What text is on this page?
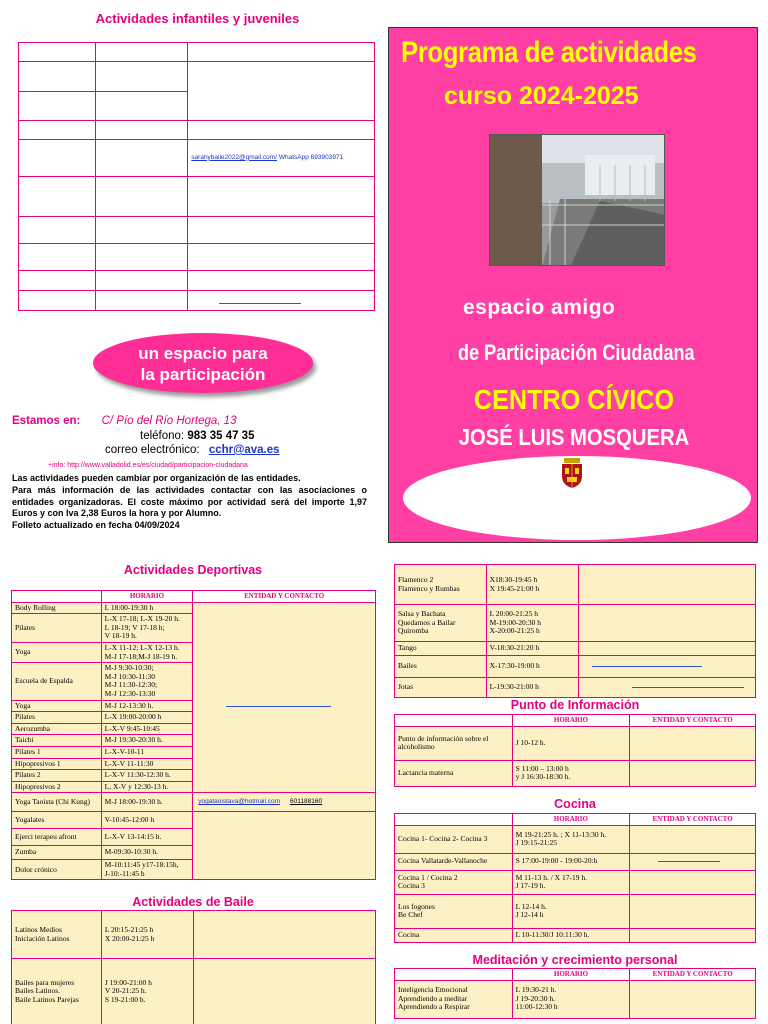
Actividades infantiles y juveniles

		sarahybaile2022@gmail.com/ WhatsApp 693903971

un espacio para
la participación
Estamos en: C/ Pío del Río Hortega, 13
teléfono: 983 35 47 35
correo electrónico: cchr@ava.es
+info: http://www.valladolid.es/es/ciudad/participacion-ciudadana
Las actividades pueden cambiar por organización de las entidades.
Para más información de las actividades contactar con las asociaciones o entidades organizadoras. El coste máximo por actividad será del importe 1,97 Euros y con Iva 2,38 Euros la hora y por Alumno.
Folleto actualizado en fecha 04/09/2024
Programa de actividades
curso 2024-2025
espacio amigo
de Participación Ciudadana
CENTRO CÍVICO
JOSÉ LUIS MOSQUERA
Actividades Deportivas
	HORARIO	ENTIDAD Y CONTACTO
Body Rolling	L 18:00-19:30 h	

Pilates	L-X 17-18; L-X 19-20 h.
L 18-19; V 17-18 h;
V 18-19 h.	
Yoga	L-X 11-12; L-X 12-13 h.
M-J 17-18;M-J 18-19 h.	
Escuela de Espalda	M-J 9:30-10:30;
M-J 10:30-11:30
M-J 11:30-12:30;
M-J 12:30-13:30	
Yoga	M-J 12-13:30 h.	
Pilates	L-X 19:00-20:00 h	
Aerozumba	L-X-V 9:45-10:45	
Taichi	M-J 19:30-20:30 h.	
Pilates 1	L-X-V-10-11	
Hipopresivos 1	L-X-V 11-11:30	
Pilates 2	L-X-V 11:30-12:30 h.	
Hipopresivos 2	L, X-V y 12:30-13 h.	
Yoga Taoista (Chi Kung)	M-J 18:00-19:30 h.	yogataoistava@hotmail.com 601188160
Yogalates	V-10:45-12:00 h	
Ejerci terapeu afront	L-X-V 13-14:15 h.	
Zumba	M-09:30-10:30 h.	
Dolor crónico	M-10:11:45 y17-18:15h,
J-10:-11:45 h	
Actividades de Baile
Latinos Medios
Iniciación Latinos	L 20:15-21:25 h
X 20:00-21:25 h	
Bailes para mujeres
Bailes Latinos.
Baile Latinos Parejas	J 19:00-21:00 h
V 20-21:25 h.
S 19-21:00 h.	
Flamenco 2
Flamenco y Rumbas	X18:30-19:45 h
X 19:45-21:00 h	
Salsa y Bachata
Quedamos a Bailar
Quiromba	L 20:00-21:25 h
M-19:00-20:30 h
X-20:00-21:25 h	
Tango	V-18:30-21:20 h	
Bailes	X-17:30-19:00 h	

Jotas	L-19:30-21:00 h	
Punto de Información
	HORARIO	ENTIDAD Y CONTACTO
Punto de información sobre el alcoholismo	J 10-12 h.	
Lactancia materna	S 11:00 – 13:00 h
y J 16:30-18:30 h.	
Cocina
	HORARIO	ENTIDAD Y CONTACTO
Cocina 1- Cocina 2- Cocina 3	M 19-21:25 h. ; X 11-13:30 h.
J 19:15-21:25	
Cocina Vallatarde-Vallanoche	S 17:00-19:00 - 19:00-20:h	

Cocina 1 / Cocina 2
Cocina 3	M 11-13 h. / X 17-19 h.
J 17-19 h.	
Los fogones
Be Chef	L 12-14 h.
J 12-14 h	
Cocina	L 10-11:30/J 10:11:30 h.	
Meditación y crecimiento personal
	HORARIO	ENTIDAD Y CONTACTO
Inteligencia Emocional
Aprendiendo a meditar
Aprendiendo a Respirar	L 19:30-21 h.
J 19-20:30 h.
11:00-12:30 h	
